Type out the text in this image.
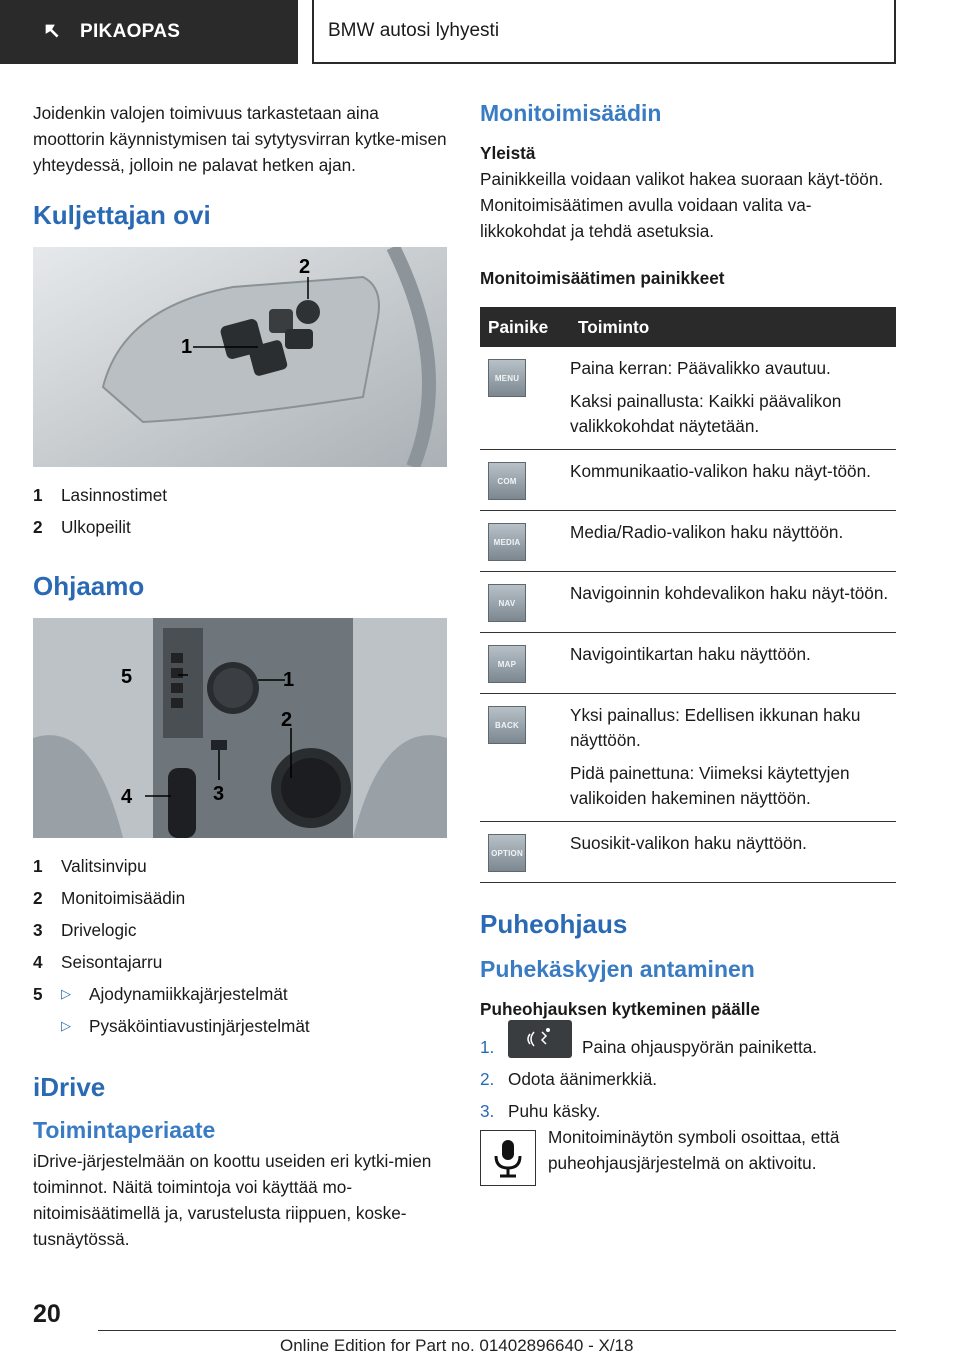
PIKAOPAS	BMW autosi lyhyesti

Joidenkin valojen toimivuus tarkastetaan aina moottorin käynnistymisen tai sytytysvirran kytke-misen yhteydessä, jolloin ne palavat hetken ajan.

Kuljettajan ovi
1
2
1	Lasinnostimet
2	Ulkopeilit
Ohjaamo
5	1
2
3
4
1	Valitsinvipu
2	Monitoimisäädin
3	Drivelogic
4	Seisontajarru
5	▷	Ajodynamiikkajärjestelmät
▷	Pysäköintiavustinjärjestelmät
iDrive
Toimintaperiaate

iDrive-järjestelmään on koottu useiden eri kytki-mien toiminnot. Näitä toimintoja voi käyttää mo-nitoimisäätimellä ja, varustelusta riippuen, koske-tusnäytössä.

Monitoimisäädin
Yleistä

Painikkeilla voidaan valikot hakea suoraan käyt-töön. Monitoimisäätimen avulla voidaan valita va-likkokohdat ja tehdä asetuksia.

Monitoimisäätimen painikkeet
Painike	Toiminto

MENU	Paina kerran: Päävalikko avautuu.
Kaksi painallusta: Kaikki päävalikon valikkokohdat näytetään.

COM	Kommunikaatio-valikon haku näyt-töön.

MEDIA	Media/Radio-valikon haku näyttöön.

NAV	Navigoinnin kohdevalikon haku näyt-töön.

MAP	Navigointikartan haku näyttöön.

BACK	Yksi painallus: Edellisen ikkunan haku näyttöön.
Pidä painettuna: Viimeksi käytettyjen valikoiden hakeminen näyttöön.

OPTION	Suosikit-valikon haku näyttöön.
Puheohjaus
Puhekäskyjen antaminen
Puheohjauksen kytkeminen päälle
1.	Paina ohjauspyörän painiketta.
2. Odota äänimerkkiä.
3. Puhu käsky.

Monitoiminäytön symboli osoittaa, että puheohjausjärjestelmä on aktivoitu.

20
Online Edition for Part no. 01402896640 - X/18
